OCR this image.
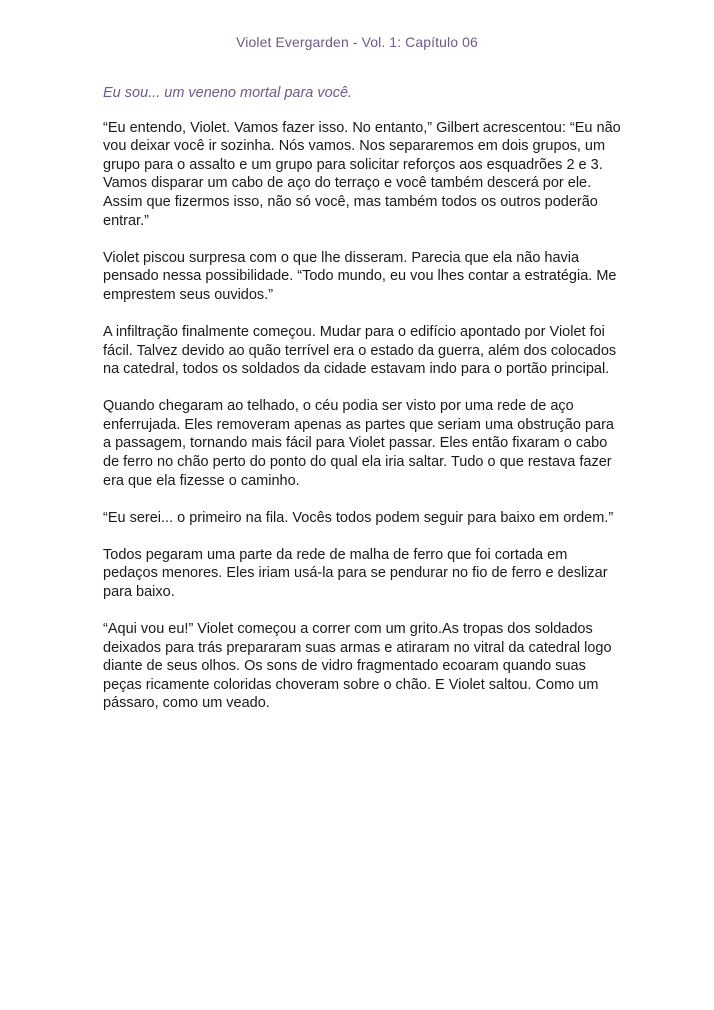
Violet Evergarden - Vol. 1: Capítulo 06

Eu sou... um veneno mortal para você.

“Eu entendo, Violet. Vamos fazer isso. No entanto,” Gilbert acrescentou: “Eu não vou deixar você ir sozinha. Nós vamos. Nos separaremos em dois grupos, um grupo para o assalto e um grupo para solicitar reforços aos esquadrões 2 e 3. Vamos disparar um cabo de aço do terraço e você também descerá por ele. Assim que fizermos isso, não só você, mas também todos os outros poderão entrar.”

Violet piscou surpresa com o que lhe disseram. Parecia que ela não havia pensado nessa possibilidade. “Todo mundo, eu vou lhes contar a estratégia. Me emprestem seus ouvidos.”

A infiltração finalmente começou. Mudar para o edifício apontado por Violet foi fácil. Talvez devido ao quão terrível era o estado da guerra, além dos colocados na catedral, todos os soldados da cidade estavam indo para o portão principal.

Quando chegaram ao telhado, o céu podia ser visto por uma rede de aço enferrujada. Eles removeram apenas as partes que seriam uma obstrução para a passagem, tornando mais fácil para Violet passar. Eles então fixaram o cabo de ferro no chão perto do ponto do qual ela iria saltar. Tudo o que restava fazer era que ela fizesse o caminho.

“Eu serei... o primeiro na fila. Vocês todos podem seguir para baixo em ordem.”

Todos pegaram uma parte da rede de malha de ferro que foi cortada em pedaços menores. Eles iriam usá-la para se pendurar no fio de ferro e deslizar para baixo.

“Aqui vou eu!” Violet começou a correr com um grito.As tropas dos soldados deixados para trás prepararam suas armas e atiraram no vitral da catedral logo diante de seus olhos. Os sons de vidro fragmentado ecoaram quando suas peças ricamente coloridas choveram sobre o chão. E Violet saltou. Como um pássaro, como um veado.
